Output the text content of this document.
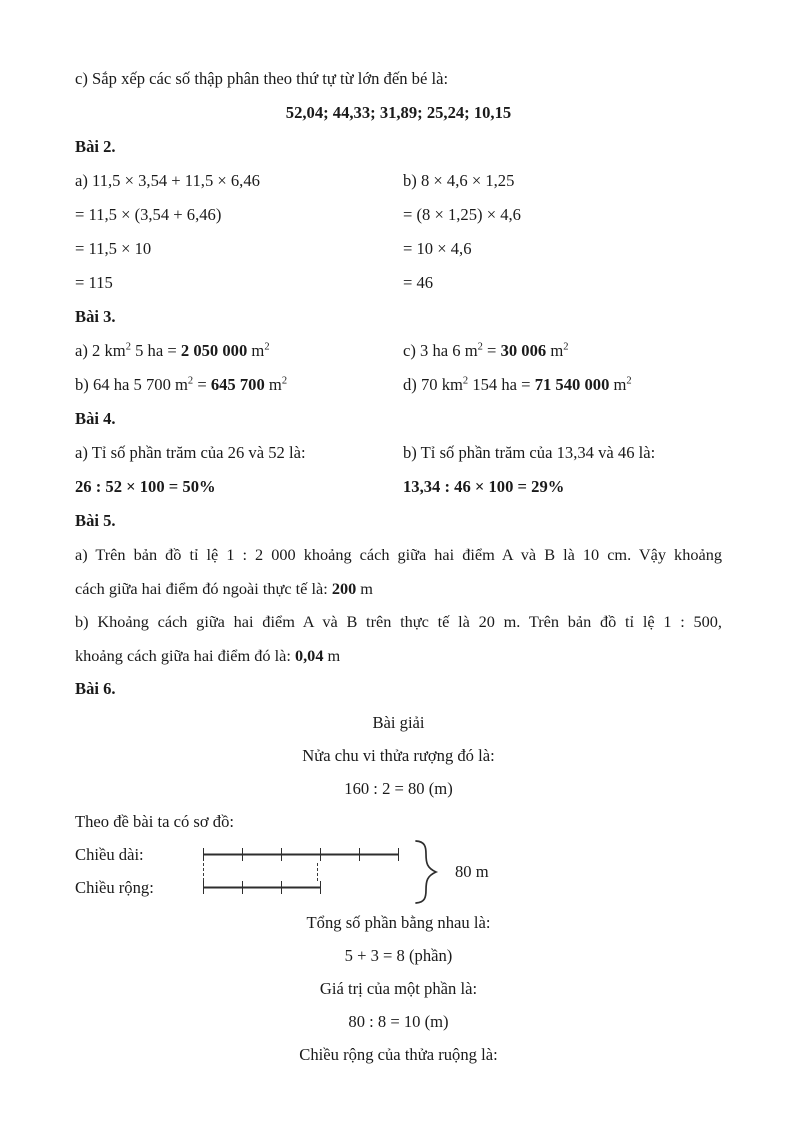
c) Sắp xếp các số thập phân theo thứ tự từ lớn đến bé là:
52,04; 44,33; 31,89; 25,24; 10,15
Bài 2.
a) 11,5 × 3,54 + 11,5 × 6,46	b) 8 × 4,6 × 1,25
= 11,5 × (3,54 + 6,46)	= (8 × 1,25) × 4,6
= 11,5 × 10	= 10 × 4,6
= 115	= 46
Bài 3.
a) 2 $km^2$ 5 ha = 2 050 000 $m^2$	c) 3 ha 6 $m^2 = 30$ 006 $m^2$
b) 64 ha 5 700 $m^2 = 645$ 700 $m^2$	d) 70 $km^2$ 154 ha = 71 540 000 $m^2$
Bài 4.
a) Tỉ số phần trăm của 26 và 52 là:	b) Tỉ số phần trăm của 13,34 và 46 là:
26 : 52 × 100 = 50%	13,34 : 46 × 100 = 29%
Bài 5.
a) Trên bản đồ tỉ lệ 1 : 2 000 khoảng cách giữa hai điểm A và B là 10 cm. Vậy khoảng
cách giữa hai điểm đó ngoài thực tế là: 200 m
b) Khoảng cách giữa hai điểm A và B trên thực tế là 20 m. Trên bản đồ tỉ lệ 1 : 500,
khoảng cách giữa hai điểm đó là: 0,04 m
Bài 6.
Bài giải
Nửa chu vi thửa rượng đó là:
160 : 2 = 80 (m)
Theo đề bài ta có sơ đồ:
Chiều dài:
Chiều rộng:
80 m
Tổng số phần bằng nhau là:
5 + 3 = 8 (phần)
Giá trị của một phần là:
80 : 8 = 10 (m)
Chiều rộng của thửa ruộng là:
